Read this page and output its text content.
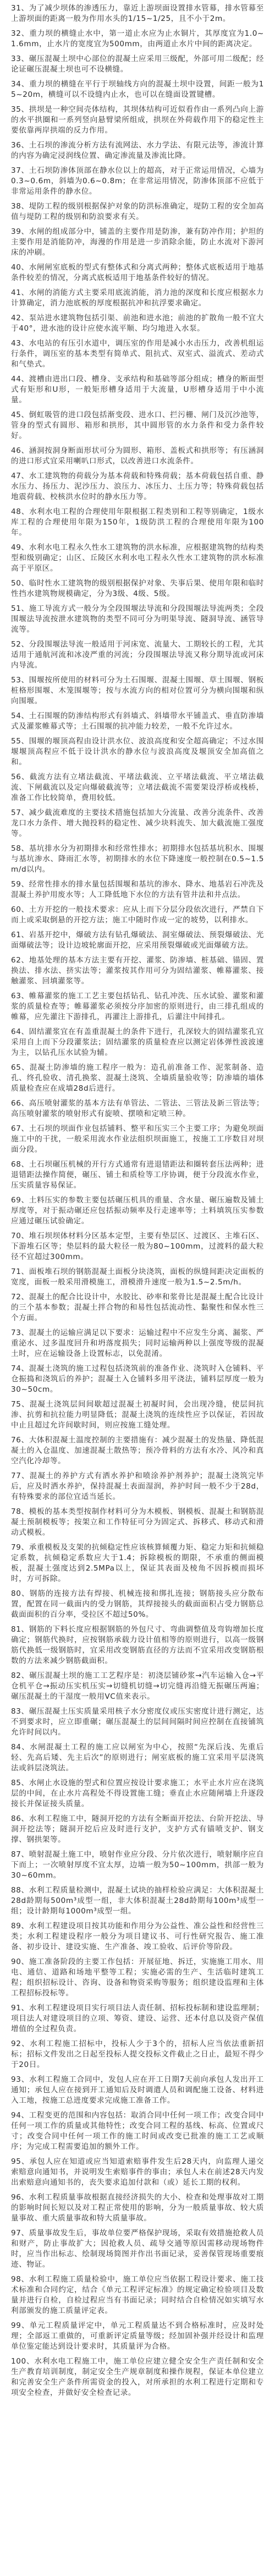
31、为了减少坝体的渗透压力，靠近上游坝面设置排水管幕，排水管幕至上游坝面的距离一般为作用水头的1/15~1/25，且不小于2m。

32、重力坝的横缝止水中，第一道止水应为止水铜片，其厚度宜为1.0~1.6mm，止水片的宽度宜为500mm，由两道止水片中间的距离决定。

33、碾压混凝土坝中心部位的混凝土应采用三级配，外部可用二级配；经论证碾压混凝土坝也可不设横缝。

34、重力坝的横缝在平行于坝轴线方向的混凝土坝中设置，间距一般为15~20m，横缝可以不设缝内止水，也可以在缝面设置键槽。

35、拱坝是一种空间壳体结构，其坝体结构可近似看作由一系列凸向上游的水平拱圈和一系列竖向悬臂梁所组成，拱坝在外荷载作用下的稳定性主要依靠两岸拱端的反力作用。

36、土石坝的渗流分析方法有流网法、水力学法、有限元法等，渗流计算的内容为确定浸润线位置、确定渗流量及渗流比降。

37、土石坝防渗体顶部在静水位以上的超高，对于正常运用情况，心墙为0.3~0.6m，斜墙为0.6~0.8m；在非常运用情况，防渗体顶部不应低于非常运用条件的静水位。

38、堤防工程的级别根据保护对象的防洪标准确定，堤防工程的安全加高值与堤防工程的级别和防浪要求有关。

39、水闸的组成部分中，铺盖的主要作用是防渗，兼有防冲作用；护坦的主要作用是消能防冲，海漫的作用是进一步消除余能，防止水流对下游河床的冲刷。

40、水闸闸室底板的型式有整体式和分离式两种；整体式底板适用于地基条件较差的情况，分离式底板适用于地基条件较好的情况。

41、水闸的消能方式主要采用底流消能，消力池的深度和长度应根据水力计算确定，消力池底板的厚度根据抗冲和抗浮要求确定。

42、泵站进水建筑物包括引渠、前池和进水池；前池的扩散角一般不宜大于40°，进水池的设计应使水流平顺、均匀地进入水泵。

43、水电站的有压引水道中，调压室的作用是减小水击压力，改善机组运行条件，调压室的基本类型有简单式、阻抗式、双室式、溢流式、差动式和气垫式。

44、渡槽由进出口段、槽身、支承结构和基础等部分组成；槽身的断面型式有矩形和U形，一般矩形槽身适用于大流量，U形槽身适用于中小流量。

45、倒虹吸管的进口段包括渐变段、进水口、拦污栅、闸门及沉沙池等，管身的型式有圆形、箱形和拱形，其中圆形管的水力条件和受力条件较好。

46、涵洞按洞身断面形状可分为圆形、箱形、盖板式和拱形等；有压涵洞的进口形式宜采用喇叭口形式，以改善进口水流条件。

47、水工建筑物的荷载分为基本荷载和特殊荷载；基本荷载包括自重、静水压力、扬压力、泥沙压力、浪压力、冰压力、土压力等；特殊荷载包括地震荷载、校核洪水位时的静水压力等。

48、水利水电工程的合理使用年限根据工程类别和工程等别确定，1级水库工程的合理使用年限为150年，1级防洪工程的合理使用年限为100年。

49、水利水电工程永久性水工建筑物的洪水标准，应根据建筑物的结构类型和级别确定；山区、丘陵区水利水电工程永久性水工建筑物的洪水标准高于平原区。

50、临时性水工建筑物的级别根据保护对象、失事后果、使用年限和临时性挡水建筑物规模确定，分为3级、4级、5级。

51、施工导流方式一般分为全段围堰法导流和分段围堰法导流两类；全段围堰法导流按泄水建筑物的类型不同可分为明渠导流、隧洞导流、涵管导流等。

52、分段围堰法导流一般适用于河床宽、流量大、工期较长的工程，尤其适用于通航河流和冰凌严重的河流；分段围堰法导流又称分期导流或河床内导流。

53、围堰按所使用的材料可分为土石围堰、混凝土围堰、草土围堰、钢板桩格形围堰、木笼围堰等；按与水流方向的相对位置可分为横向围堰和纵向围堰。

54、土石围堰的防渗结构形式有斜墙式、斜墙带水平铺盖式、垂直防渗墙式及灌浆帷幕式等；土石围堰的抗冲能力较差，一般不允许过水。

55、围堰的堰顶高程由设计洪水位、波浪高度和安全超高确定；不过水围堰堰顶高程应不低于设计洪水的静水位与波浪高度及堰顶安全加高值之和。

56、截流方法有立堵法截流、平堵法截流、立平堵法截流、平立堵法截流、下闸截流以及定向爆破截流等；立堵法截流不需要架设浮桥或栈桥，准备工作比较简单，费用较低。

57、减少截流难度的主要技术措施包括加大分流量、改善分流条件、改善龙口水力条件、增大抛投料的稳定性、减少块料流失、加大截流施工强度等。

58、基坑排水分为初期排水和经常性排水；初期排水包括基坑积水、围堰与基坑渗水、降雨汇水等，初期排水的水位下降速度一般控制在0.5~1.5m/d以内。

59、经常性排水的排水量包括围堰和基坑的渗水、降水、地基岩石冲洗及混凝土养护用废水等；人工降低地下水位的方法有管井法和井点法。

60、土方开挖的一般技术要求：应从上而下分层分段依次进行，严禁自下而上或采取倒悬的开挖方法；施工中随时作成一定的坡势，以利排水。

61、岩基开挖中，爆破方法有钻孔爆破法、洞室爆破法、预裂爆破法、光面爆破法等；设计边坡轮廓面开挖，应采用预裂爆破或光面爆破方法。

62、地基处理的基本方法主要有开挖、灌浆、防渗墙、桩基础、锚固、置换法、排水法、挤实法等；灌浆按其作用可分为固结灌浆、帷幕灌浆、接触灌浆、回填灌浆等。

63、帷幕灌浆的施工工艺主要包括钻孔、钻孔冲洗、压水试验、灌浆和灌浆的质量检查等；帷幕灌浆必须按分序加密的原则进行，由三排孔组成的帷幕，应先灌注下游排孔，再灌注上游排孔，后灌注中间排孔。

64、固结灌浆宜在有盖重混凝土的条件下进行，孔深较大的固结灌浆孔宜采用自上而下分段灌浆法；固结灌浆的质量检查应以测定岩体弹性波波速为主，以钻孔压水试验为辅。

65、混凝土防渗墙的施工程序一般为：造孔前准备工作、泥浆制备、造孔、终孔验收、清孔换浆、混凝土浇筑、全墙质量验收等；防渗墙的墙体质量检查应在成墙28d后进行。

66、高压喷射灌浆的基本方法有单管法、二管法、三管法及新三管法等；高压喷射灌浆的喷射形式有旋喷、摆喷和定喷三种。

67、土石坝的坝面作业包括铺料、整平和压实三个主要工序；为避免坝面施工中的干扰，一般采用流水作业法组织坝面施工，按施工工序数目对坝面分段。

68、土石坝碾压机械的开行方式通常有进退错距法和圈转套压法两种；进退错距法操作简便，碾压、铺土和质检等工序协调，便于分段流水作业，压实质量容易保证。

69、土料压实的参数主要包括碾压机具的重量、含水量、碾压遍数及铺土厚度等，对于振动碾还应包括振动频率及行走速率等；土料填筑压实参数应通过碾压试验确定。

70、堆石坝坝体材料分区基本定型，主要有垫层区、过渡区、主堆石区、下游堆石区等；垫层料的最大粒径一般为80~100mm，过渡料的最大粒径不宜超过300mm。

71、面板堆石坝的钢筋混凝土面板分块浇筑，面板的纵缝间距决定面板的宽度，面板一般采用滑模施工，滑模滑升速度一般为1.5~2.5m/h。

72、混凝土的配合比设计中，水胶比、砂率和浆骨比是混凝土配合比设计的三个基本参数；混凝土拌合物的和易性包括流动性、黏聚性和保水性三个方面。

73、混凝土的运输应满足以下要求：运输过程中不应发生分离、漏浆、严重泌水、过多温度回升和坍落度损失；同时运输两种以上强度等级的混凝土时，应在运输设备上设置标志，以免混淆。

74、混凝土浇筑的施工过程包括浇筑前的准备作业、浇筑时入仓铺料、平仓振捣和浇筑后的养护；混凝土入仓铺料多用平浇法，铺料层厚度一般为30~50cm。

75、混凝土浇筑层间间歇超过混凝土初凝时间，会出现冷缝，使层间抗渗、抗剪和抗拉能力明显降低；混凝土浇筑的连续性应予以保证，若因故中止且超过允许间歇时间，则应按施工缝处理。

76、大体积混凝土温度控制的主要措施有：减少混凝土的发热量、降低混凝土的入仓温度、加速混凝土散热等；预冷骨料的方法有水冷、风冷和真空汽化冷却等。

77、混凝土的养护方式有洒水养护和喷涂养护剂养护；混凝土浇筑完毕后，应及时洒水养护，保持混凝土表面湿润，养护时间一般不少于28d，有特殊要求的部位宜适当延长。

78、模板的基本类型按制作材料可分为木模板、钢模板、混凝土和钢筋混凝土预制模板等；按架立和工作特征可分为固定式、拆移式、移动式和滑动式模板。

79、承重模板及支架的抗倾稳定性应该核算倾覆力矩、稳定力矩和抗倾稳定系数，抗倾稳定系数应大于1.4；拆除模板的期限，不承重的侧面模板，混凝土强度达到2.5MPa以上，保证其表面及棱角不因拆模而损坏时，方可拆除。

80、钢筋的连接方法有焊接、机械连接和绑扎连接；钢筋接头应分散布置，配置在同一截面内的受力钢筋，其焊接接头的截面面积占受力钢筋总截面面积的百分率，受拉区不超过50%。

81、钢筋的下料长度应根据钢筋的外包尺寸、弯曲调整值及弯钩增加长度确定；钢筋代换时，应按钢筋承载力设计值相等的原则进行，以高一级钢筋代换低一级钢筋时，宜采用改变钢筋直径的方法而不宜采用改变钢筋根数的方法来减少钢筋截面积。

82、碾压混凝土坝的施工工艺程序是：初浇层铺砂浆→汽车运输入仓→平仓机平仓→振动压实机压实→切缝机切缝→切完缝再沿缝无振碾压两遍；碾压混凝土的干湿度一般用VC值来表示。

83、碾压混凝土压实质量采用核子水分密度仪或压实密度计进行测定，达不到要求时，应立即重碾；碾压混凝土的层间间隔时间应控制在直接铺筑允许时间以内。

84、水闸混凝土工程的施工应以闸室为中心，按照“先深后浅、先重后轻、先高后矮、先主后次”的原则进行；闸室底板的施工宜采用平层浇筑法或斜层浇筑法。

85、水闸止水设施的型式和位置应按设计要求施工；水平止水片应在浇筑层的中间，在止水片高程处不得设置施工缝；垂直止水应随闸墙上升逐段接长并保证接头质量。

86、水利工程施工中，隧洞开挖的方法有全断面开挖法、台阶开挖法、导洞开挖法等；隧洞开挖后应及时进行支护，支护方式有锚喷支护、钢支撑、钢拱架等。

87、喷射混凝土施工中，喷射作业应分段、分片依次进行，喷射顺序应自下而上；一次喷射厚度不宜太厚，边墙一般为50~100mm，拱部一般为30~60mm。

88、水利工程质量检测中，混凝土试块的抽样检验应满足：大体积混凝土28d龄期每500m³成型一组，非大体积混凝土28d龄期每100m³成型一组；设计龄期每1000m³成型一组。

89、水利工程建设项目按其功能和作用分为公益性、准公益性和经营性三类；水利工程建设程序一般分为项目建议书、可行性研究报告、施工准备、初步设计、建设实施、生产准备、竣工验收、后评价等阶段。

90、施工准备阶段的主要工作包括：开展征地、拆迁，实施施工用水、用电、通信、道路和场地平整等工程；实施必需的生产、生活临时建筑工程；组织招标设计、咨询、设备和物资采购等服务；组织建设监理和主体工程招标投标等。

91、水利工程建设项目实行项目法人责任制、招标投标制和建设监理制；项目法人对建设项目的立项、筹资、建设、运营、还本付息以及资产保值增值的全过程负责。

92、水利工程施工招标中，投标人少于3个的，招标人应当依法重新招标；招标文件发出之日起至投标人提交投标文件截止之日止，最短不得少于20日。

93、水利工程施工合同中，发包人应在开工日期7天前向承包人发出开工通知；承包人应在接到开工通知后及时调遣人员和调配施工设备、材料进入工地，按施工总进度要求完成施工准备工作。

94、工程变更的范围和内容包括：取消合同中任何一项工作；改变合同中任何一项工作的质量或其他特性；改变合同工程的基线、标高、位置或尺寸；改变合同中任何一项工作的施工时间或改变已批准的施工工艺或顺序；为完成工程需要追加的额外工作。

95、承包人应在知道或应当知道索赔事件发生后28天内，向监理人递交索赔意向通知书，并说明发生索赔事件的事由；承包人未在前述28天内发出索赔意向通知书的，丧失要求追加付款和（或）延长工期的权利。

96、水利工程质量事故根据直接经济损失的大小、检查和处理事故对工期的影响时间长短以及对工程正常使用的影响，分为一般质量事故、较大质量事故、重大质量事故和特大质量事故。

97、质量事故发生后，事故单位要严格保护现场，采取有效措施抢救人员和财产，防止事故扩大；因抢救人员、疏导交通等原因需移动现场物件时，应当作出标志、绘制现场简图并作出书面记录，妥善保管现场重要痕迹、物证。

98、水利工程施工质量检验中，施工单位应当依据工程设计要求、施工技术标准和合同约定，结合《单元工程评定标准》的规定确定检验项目及数量并进行自检，自检过程应当有书面记录；同时结合自检情况如实填写水利部颁发的施工质量评定表。

99、单元工程质量评定中，单元工程质量达不到合格标准时，应及时处理；全部返工重做的，可重新评定质量等级；经加固补强并经设计和监理单位鉴定能达到设计要求时，其质量评为合格。

100、水利水电工程施工中，施工单位应建立健全安全生产责任制和安全生产教育培训制度，制定安全生产规章制度和操作规程，保证本单位建立和完善安全生产条件所需资金的投入，对所承担的水利工程进行定期和专项安全检查，并做好安全检查记录。
